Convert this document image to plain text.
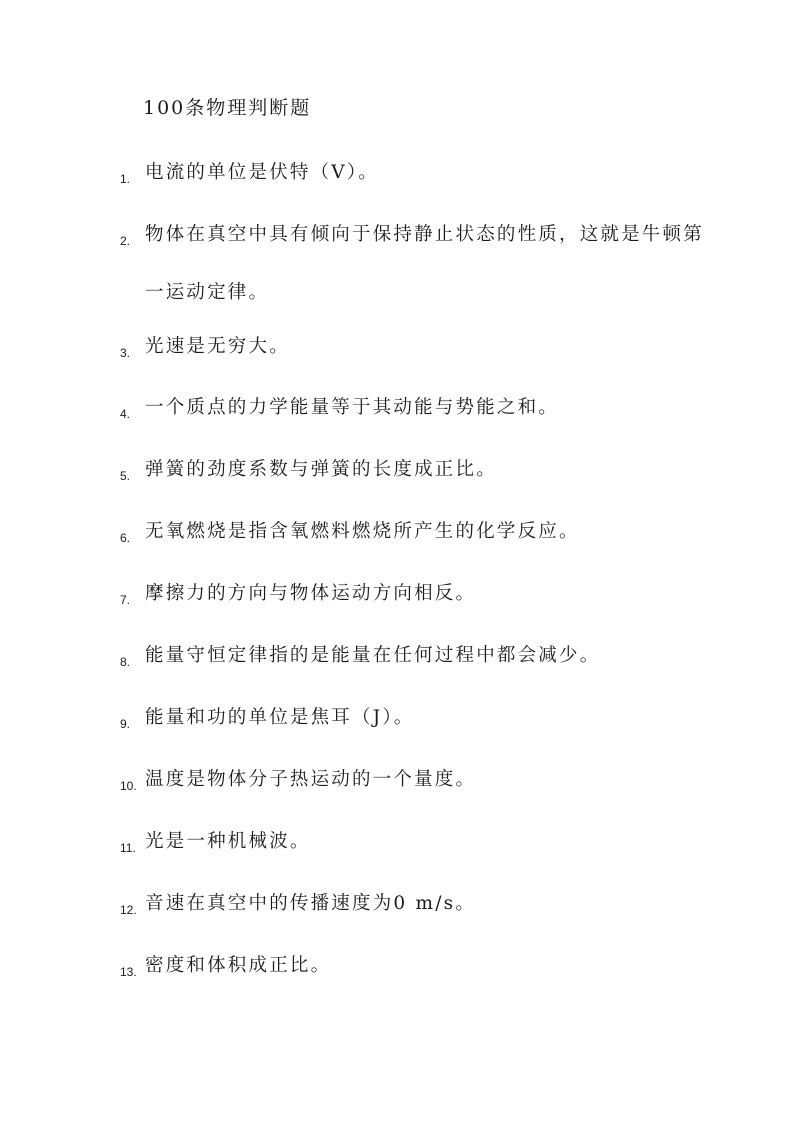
100条物理判断题
1. 电流的单位是伏特（V）。
2. 物体在真空中具有倾向于保持静止状态的性质，这就是牛顿第一运动定律。
3. 光速是无穷大。
4. 一个质点的力学能量等于其动能与势能之和。
5. 弹簧的劲度系数与弹簧的长度成正比。
6. 无氧燃烧是指含氧燃料燃烧所产生的化学反应。
7. 摩擦力的方向与物体运动方向相反。
8. 能量守恒定律指的是能量在任何过程中都会减少。
9. 能量和功的单位是焦耳（J）。
10. 温度是物体分子热运动的一个量度。
11. 光是一种机械波。
12. 音速在真空中的传播速度为0 m/s。
13. 密度和体积成正比。
